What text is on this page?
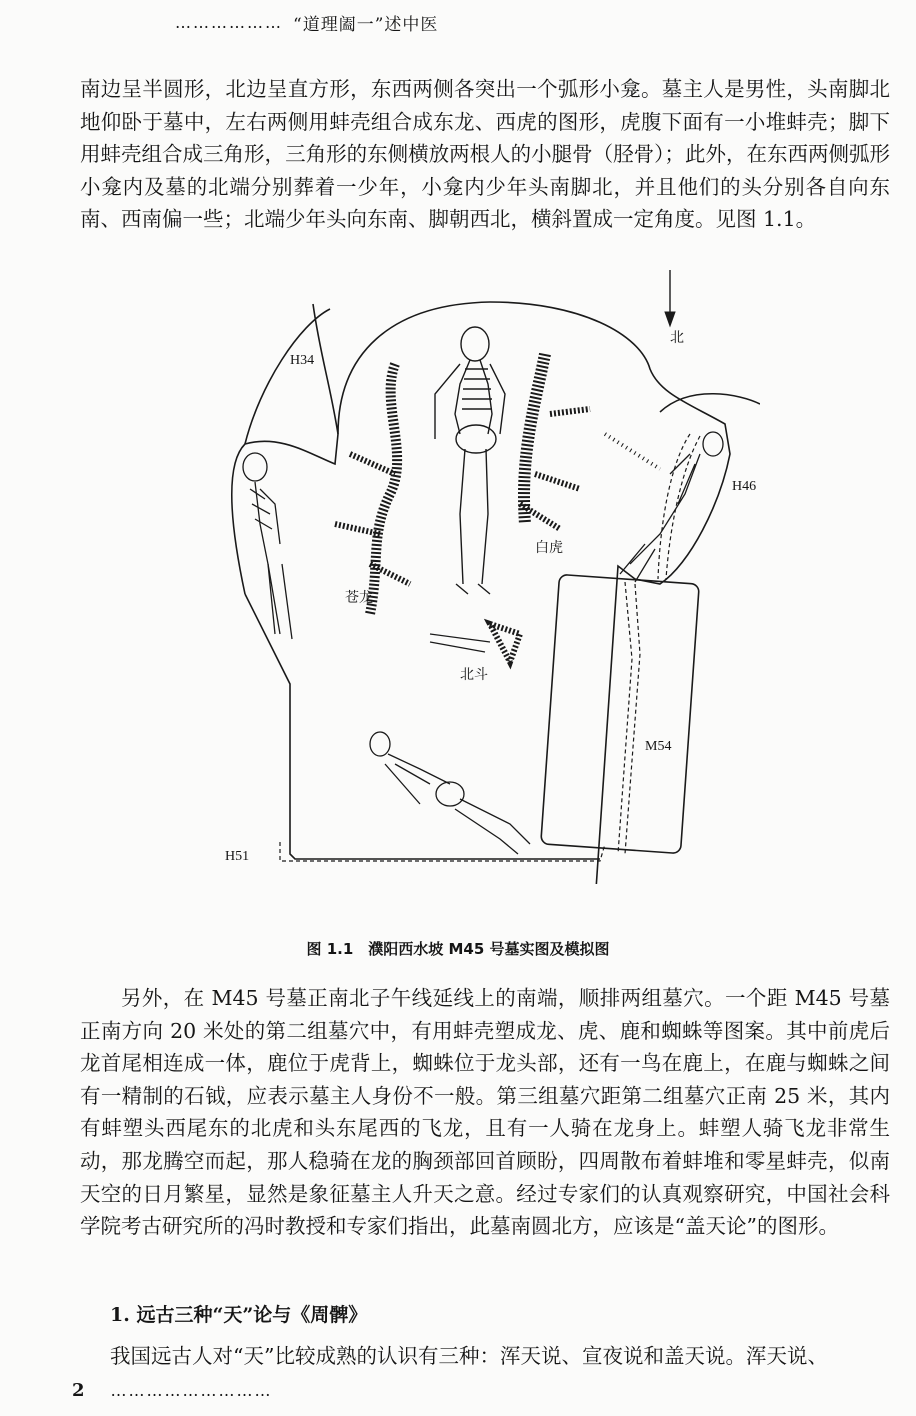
……………… “道理阖一”述中医

南边呈半圆形，北边呈直方形，东西两侧各突出一个弧形小龛。墓主人是男性，头南脚北地仰卧于墓中，左右两侧用蚌壳组合成东龙、西虎的图形，虎腹下面有一小堆蚌壳；脚下用蚌壳组合成三角形，三角形的东侧横放两根人的小腿骨（胫骨）；此外，在东西两侧弧形小龛内及墓的北端分别葬着一少年，小龛内少年头南脚北，并且他们的头分别各自向东南、西南偏一些；北端少年头向东南、脚朝西北，横斜置成一定角度。见图 1.1。

H34
北
H46
白虎
苍龙
北斗
M54
H51
图 1.1　濮阳西水坡 M45 号墓实图及模拟图

另外，在 M45 号墓正南北子午线延线上的南端，顺排两组墓穴。一个距 M45 号墓正南方向 20 米处的第二组墓穴中，有用蚌壳塑成龙、虎、鹿和蜘蛛等图案。其中前虎后龙首尾相连成一体，鹿位于虎背上，蜘蛛位于龙头部，还有一鸟在鹿上，在鹿与蜘蛛之间有一精制的石钺，应表示墓主人身份不一般。第三组墓穴距第二组墓穴正南 25 米，其内有蚌塑头西尾东的北虎和头东尾西的飞龙，且有一人骑在龙身上。蚌塑人骑飞龙非常生动，那龙腾空而起，那人稳骑在龙的胸颈部回首顾盼，四周散布着蚌堆和零星蚌壳，似南天空的日月繁星，显然是象征墓主人升天之意。经过专家们的认真观察研究，中国社会科学院考古研究所的冯时教授和专家们指出，此墓南圆北方，应该是“盖天论”的图形。

1. 远古三种“天”论与《周髀》

我国远古人对“天”比较成熟的认识有三种：浑天说、宣夜说和盖天说。浑天说、

2 ………………………
